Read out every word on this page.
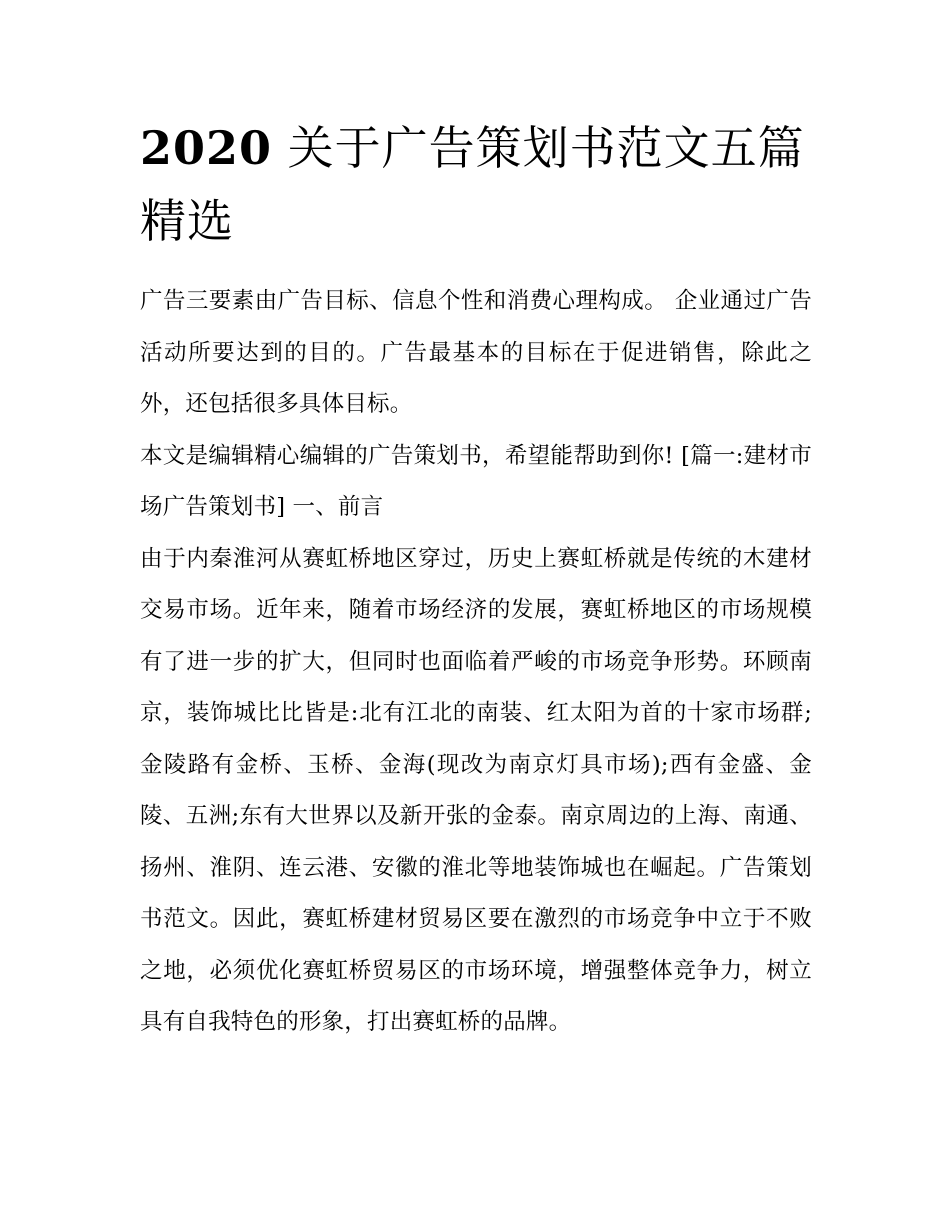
2020 关于广告策划书范文五篇精选

广告三要素由广告目标、信息个性和消费心理构成。 企业通过广告活动所要达到的目的。广告最基本的目标在于促进销售，除此之外，还包括很多具体目标。

本文是编辑精心编辑的广告策划书，希望能帮助到你! [篇一:建材市场广告策划书] 一、前言

由于内秦淮河从赛虹桥地区穿过，历史上赛虹桥就是传统的木建材交易市场。近年来，随着市场经济的发展，赛虹桥地区的市场规模有了进一步的扩大，但同时也面临着严峻的市场竞争形势。环顾南京，装饰城比比皆是:北有江北的南装、红太阳为首的十家市场群;金陵路有金桥、玉桥、金海(现改为南京灯具市场);西有金盛、金陵、五洲;东有大世界以及新开张的金泰。南京周边的上海、南通、扬州、淮阴、连云港、安徽的淮北等地装饰城也在崛起。广告策划书范文。因此，赛虹桥建材贸易区要在激烈的市场竞争中立于不败之地，必须优化赛虹桥贸易区的市场环境，增强整体竞争力，树立具有自我特色的形象，打出赛虹桥的品牌。
